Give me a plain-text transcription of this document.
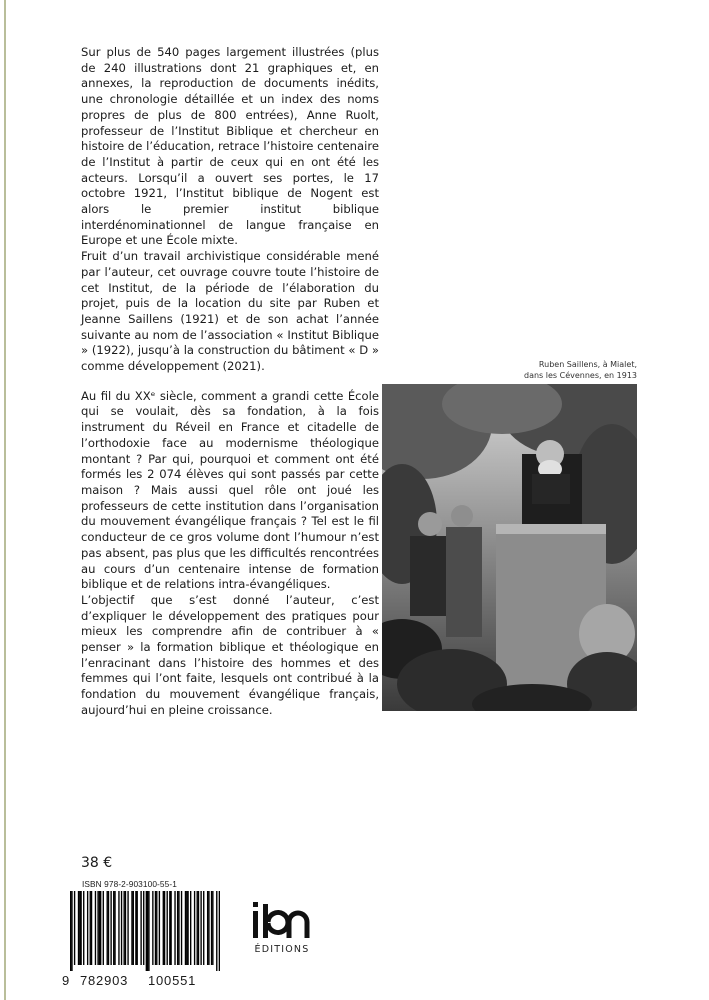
Sur plus de 540 pages largement illustrées (plus de 240 illustrations dont 21 graphiques et, en annexes, la reproduction de documents inédits, une chronologie détaillée et un index des noms propres de plus de 800 entrées), Anne Ruolt, professeur de l’Institut Biblique et chercheur en histoire de l’éducation, retrace l’histoire centenaire de l’Institut à partir de ceux qui en ont été les acteurs. Lorsqu’il a ouvert ses portes, le 17 octobre 1921, l’Institut biblique de Nogent est alors le premier institut biblique interdénominationnel de langue française en Europe et une École mixte.

Fruit d’un travail archivistique considérable mené par l’auteur, cet ouvrage couvre toute l’histoire de cet Institut, de la période de l’élaboration du projet, puis de la location du site par Ruben et Jeanne Saillens (1921) et de son achat l’année suivante au nom de l’association « Institut Biblique » (1922), jusqu’à la construction du bâtiment « D » comme développement (2021).

Au fil du XXᵉ siècle, comment a grandi cette École qui se voulait, dès sa fondation, à la fois instrument du Réveil en France et citadelle de l’orthodoxie face au modernisme théologique montant ? Par qui, pourquoi et comment ont été formés les 2 074 élèves qui sont passés par cette maison ? Mais aussi quel rôle ont joué les professeurs de cette institution dans l’organisation du mouvement évangélique français ? Tel est le fil conducteur de ce gros volume dont l’humour n’est pas absent, pas plus que les difficultés rencontrées au cours d’un centenaire intense de formation biblique et de relations intra-évangéliques.

L’objectif que s’est donné l’auteur, c’est d’expliquer le développement des pratiques pour mieux les comprendre afin de contribuer à « penser » la formation biblique et théologique en l’enracinant dans l’histoire des hommes et des femmes qui l’ont faite, lesquels ont contribué à la fondation du mouvement évangélique français, aujourd’hui en pleine croissance.

Ruben Saillens, à Mialet,
dans les Cévennes, en 1913
38 €
ISBN 978-2-903100-55-1
9 782903 100551
ÉDITIONS
